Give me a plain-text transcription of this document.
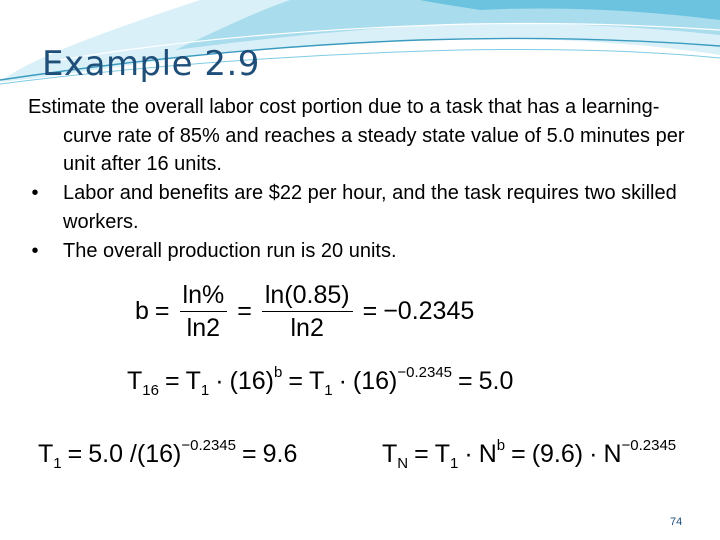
Example 2.9
Estimate the overall labor cost portion due to a task that has a learning-curve rate of 85% and reaches a steady state value of 5.0 minutes per unit after 16 units.
• Labor and benefits are $22 per hour, and the task requires two skilled workers.
• The overall production run is 20 units.
$b = \frac{\ln\%}{\ln 2} = \frac{\ln(0.85)}{\ln 2} = -0.2345$
$T_{16} = T_1 \cdot (16)^b = T_1 \cdot (16)^{-0.2345} = 5.0$
$T_1 = 5.0$ $/(16)^{-0.2345} = 9.6$	$T_N = T_1 \cdot N^b = (9.6) \cdot N^{-0.2345}$
74
